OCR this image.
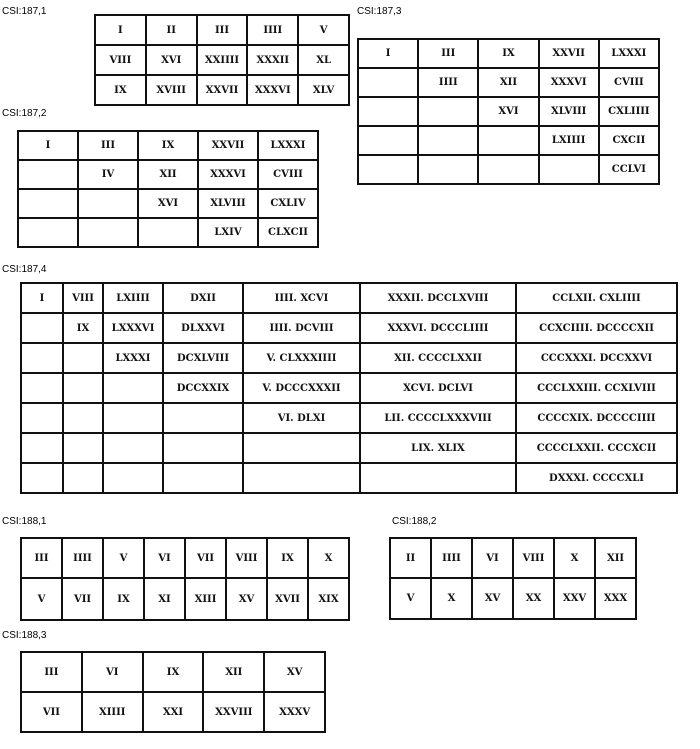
CSI:187,1
I	II	III	IIII	V
VIII	XVI	XXIIII	XXXII	XL
IX	XVIII	XXVII	XXXVI	XLV
CSI:187,3
I	III	IX	XXVII	LXXXI
	IIII	XII	XXXVI	CVIII
		XVI	XLVIII	CXLIIII
			LXIIII	CXCII
				CCLVI
CSI:187,2
I	III	IX	XXVII	LXXXI
	IV	XII	XXXVI	CVIII
		XVI	XLVIII	CXLIV
			LXIV	CLXCII
CSI:187,4
I	VIII	LXIIII	DXII	IIII. XCVI	XXXII. DCCLXVIII	CCLXII. CXLIIII
	IX	LXXXVI	DLXXVI	IIII. DCVIII	XXXVI. DCCCLIIII	CCXCIIII. DCCCCXII
		LXXXI	DCXLVIII	V. CLXXXIIII	XII. CCCCLXXII	CCCXXXI. DCCXXVI
			DCCXXIX	V. DCCCXXXII	XCVI. DCLVI	CCCLXXIII. CCXLVIII
				VI. DLXI	LII. CCCCLXXXVIII	CCCCXIX. DCCCCIIII
					LIX. XLIX	CCCCLXXII. CCCXCII
						DXXXI. CCCCXLI
CSI:188,1
III	IIII	V	VI	VII	VIII	IX	X
V	VII	IX	XI	XIII	XV	XVII	XIX
CSI:188,2
II	IIII	VI	VIII	X	XII
V	X	XV	XX	XXV	XXX
CSI:188,3
III	VI	IX	XII	XV
VII	XIIII	XXI	XXVIII	XXXV
